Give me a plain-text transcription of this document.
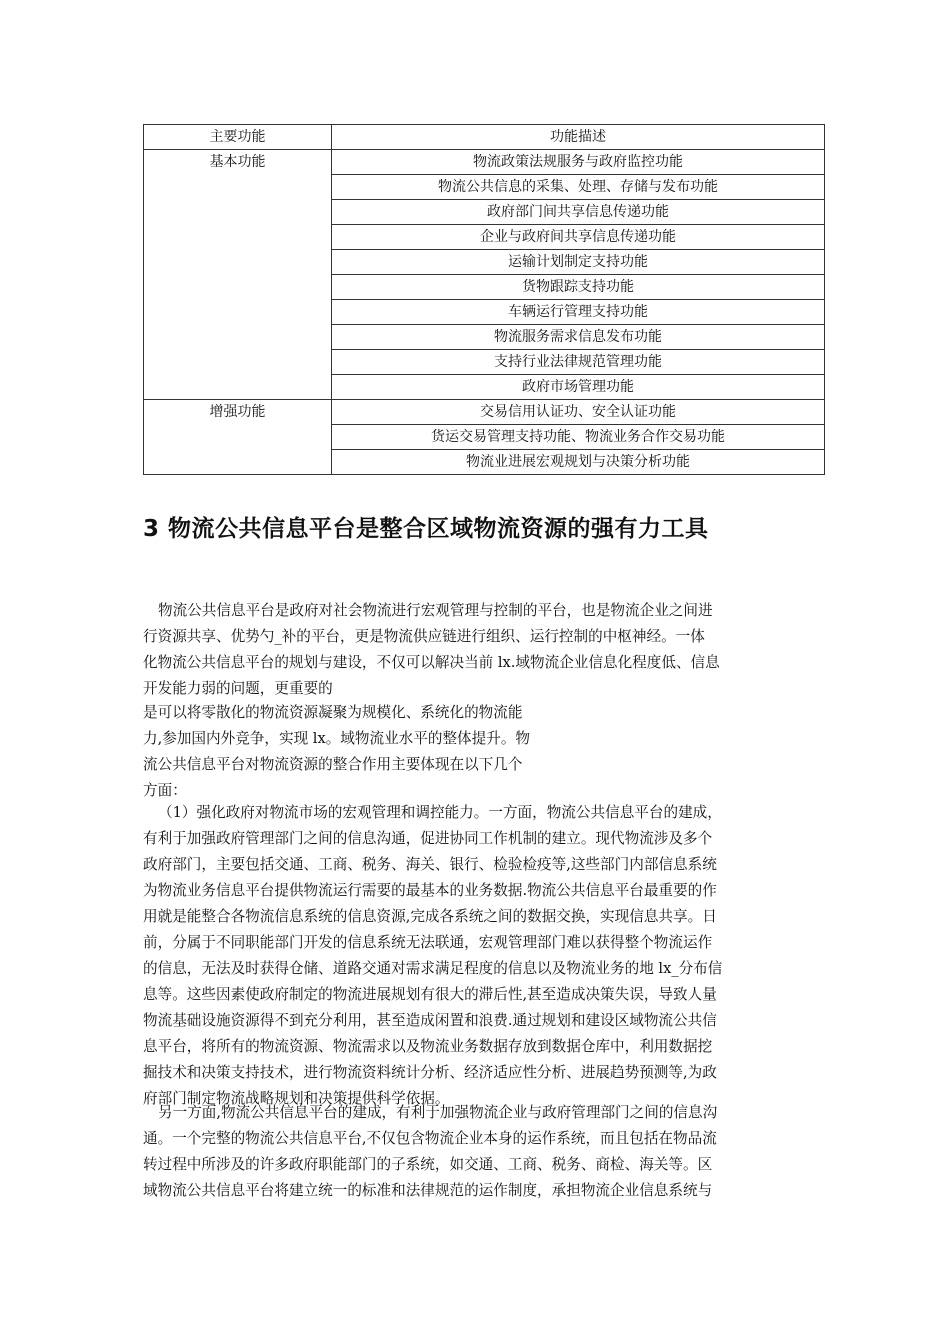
主要功能	功能描述
基本功能	物流政策法规服务与政府监控功能
	物流公共信息的采集、处理、存储与发布功能
	政府部门间共享信息传递功能
	企业与政府间共享信息传递功能
	运输计划制定支持功能
	货物跟踪支持功能
	车辆运行管理支持功能
	物流服务需求信息发布功能
	支持行业法律规范管理功能
	政府市场管理功能
增强功能	交易信用认证功、安全认证功能
	货运交易管理支持功能、物流业务合作交易功能
	物流业进展宏观规划与决策分析功能
3 物流公共信息平台是整合区域物流资源的强有力工具

物流公共信息平台是政府对社会物流进行宏观管理与控制的平台，也是物流企业之间进
行资源共享、优势勺_补的平台，更是物流供应链进行组织、运行控制的中枢神经。一体
化物流公共信息平台的规划与建设，不仅可以解决当前 lx.域物流企业信息化程度低、信息
开发能力弱的问题，更重要的

是可以将零散化的物流资源凝聚为规模化、系统化的物流能
力,参加国内外竞争，实现 lx。域物流业水平的整体提升。物
流公共信息平台对物流资源的整合作用主要体现在以下几个
方面：

（1）强化政府对物流市场的宏观管理和调控能力。一方面，物流公共信息平台的建成，
有利于加强政府管理部门之间的信息沟通，促进协同工作机制的建立。现代物流涉及多个
政府部门，主要包括交通、工商、税务、海关、银行、检验检疫等,这些部门内部信息系统
为物流业务信息平台提供物流运行需要的最基本的业务数据.物流公共信息平台最重要的作
用就是能整合各物流信息系统的信息资源,完成各系统之间的数据交换，实现信息共享。日
前，分属于不同职能部门开发的信息系统无法联通，宏观管理部门难以获得整个物流运作
的信息，无法及时获得仓储、道路交通对需求满足程度的信息以及物流业务的地 lx_分布信
息等。这些因素使政府制定的物流进展规划有很大的滞后性,甚至造成决策失误，导致人量
物流基础设施资源得不到充分利用，甚至造成闲置和浪费.通过规划和建设区域物流公共信
息平台，将所有的物流资源、物流需求以及物流业务数据存放到数据仓库中，利用数据挖
掘技术和决策支持技术，进行物流资料统计分析、经济适应性分析、进展趋势预测等,为政
府部门制定物流战略规划和决策提供科学依据。

另一方面,物流公共信息平台的建成，有利于加强物流企业与政府管理部门之间的信息沟
通。一个完整的物流公共信息平台,不仅包含物流企业本身的运作系统，而且包括在物品流
转过程中所涉及的许多政府职能部门的子系统，如交通、工商、税务、商检、海关等。区
域物流公共信息平台将建立统一的标准和法律规范的运作制度，承担物流企业信息系统与
